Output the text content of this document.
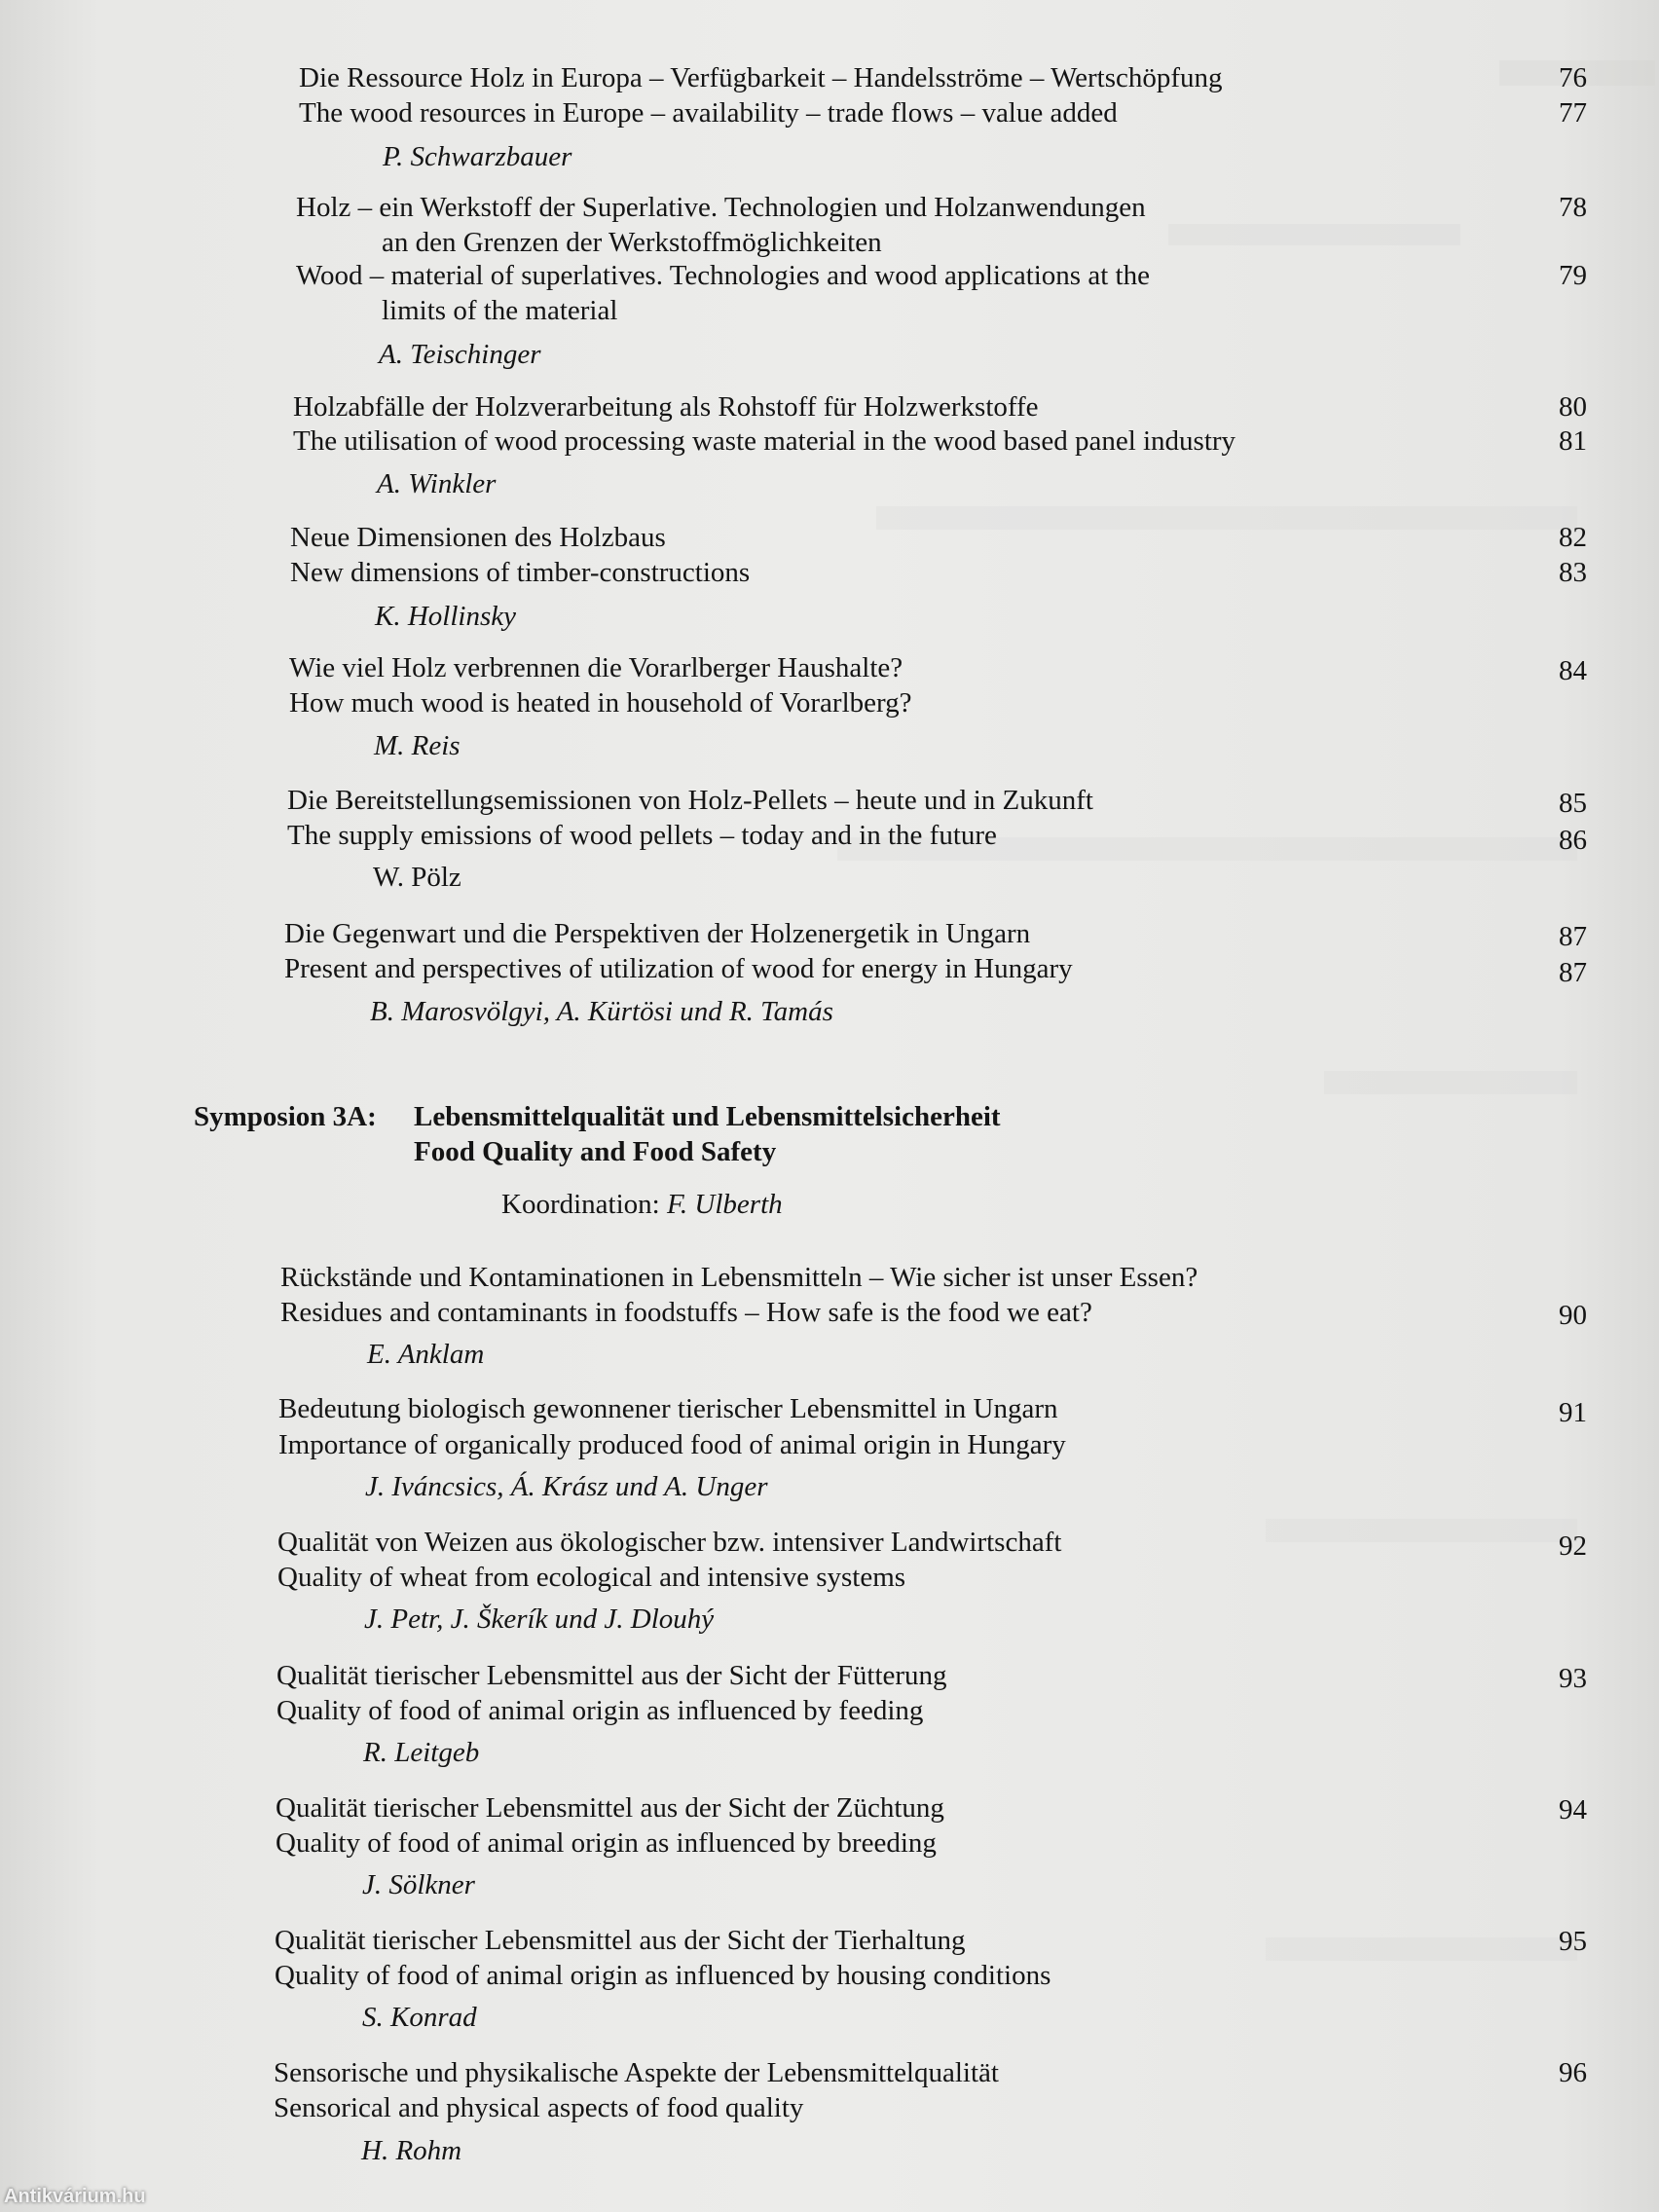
Die Ressource Holz in Europa – Verfügbarkeit – Handelsströme – Wertschöpfung
The wood resources in Europe – availability – trade flows – value added
P. Schwarzbauer
76
77
Holz – ein Werkstoff der Superlative. Technologien und Holzanwendungen
an den Grenzen der Werkstoffmöglichkeiten
Wood – material of superlatives. Technologies and wood applications at the
limits of the material
A. Teischinger
78
79
Holzabfälle der Holzverarbeitung als Rohstoff für Holzwerkstoffe
The utilisation of wood processing waste material in the wood based panel industry
A. Winkler
80
81
Neue Dimensionen des Holzbaus
New dimensions of timber-constructions
K. Hollinsky
82
83
Wie viel Holz verbrennen die Vorarlberger Haushalte?
How much wood is heated in household of Vorarlberg?
M. Reis
84
Die Bereitstellungsemissionen von Holz-Pellets – heute und in Zukunft
The supply emissions of wood pellets – today and in the future
W. Pölz
85
86
Die Gegenwart und die Perspektiven der Holzenergetik in Ungarn
Present and perspectives of utilization of wood for energy in Hungary
B. Marosvölgyi, A. Kürtösi und R. Tamás
87
87
Symposion 3A: Lebensmittelqualität und Lebensmittelsicherheit
Food Quality and Food Safety
Koordination: F. Ulberth
Rückstände und Kontaminationen in Lebensmitteln – Wie sicher ist unser Essen?
Residues and contaminants in foodstuffs – How safe is the food we eat?
E. Anklam
90
Bedeutung biologisch gewonnener tierischer Lebensmittel in Ungarn
Importance of organically produced food of animal origin in Hungary
J. Iváncsics, Á. Krász und A. Unger
91
Qualität von Weizen aus ökologischer bzw. intensiver Landwirtschaft
Quality of wheat from ecological and intensive systems
J. Petr, J. Škerík und J. Dlouhý
92
Qualität tierischer Lebensmittel aus der Sicht der Fütterung
Quality of food of animal origin as influenced by feeding
R. Leitgeb
93
Qualität tierischer Lebensmittel aus der Sicht der Züchtung
Quality of food of animal origin as influenced by breeding
J. Sölkner
94
Qualität tierischer Lebensmittel aus der Sicht der Tierhaltung
Quality of food of animal origin as influenced by housing conditions
S. Konrad
95
Sensorische und physikalische Aspekte der Lebensmittelqualität
Sensorical and physical aspects of food quality
H. Rohm
96
Antikvárium.hu
